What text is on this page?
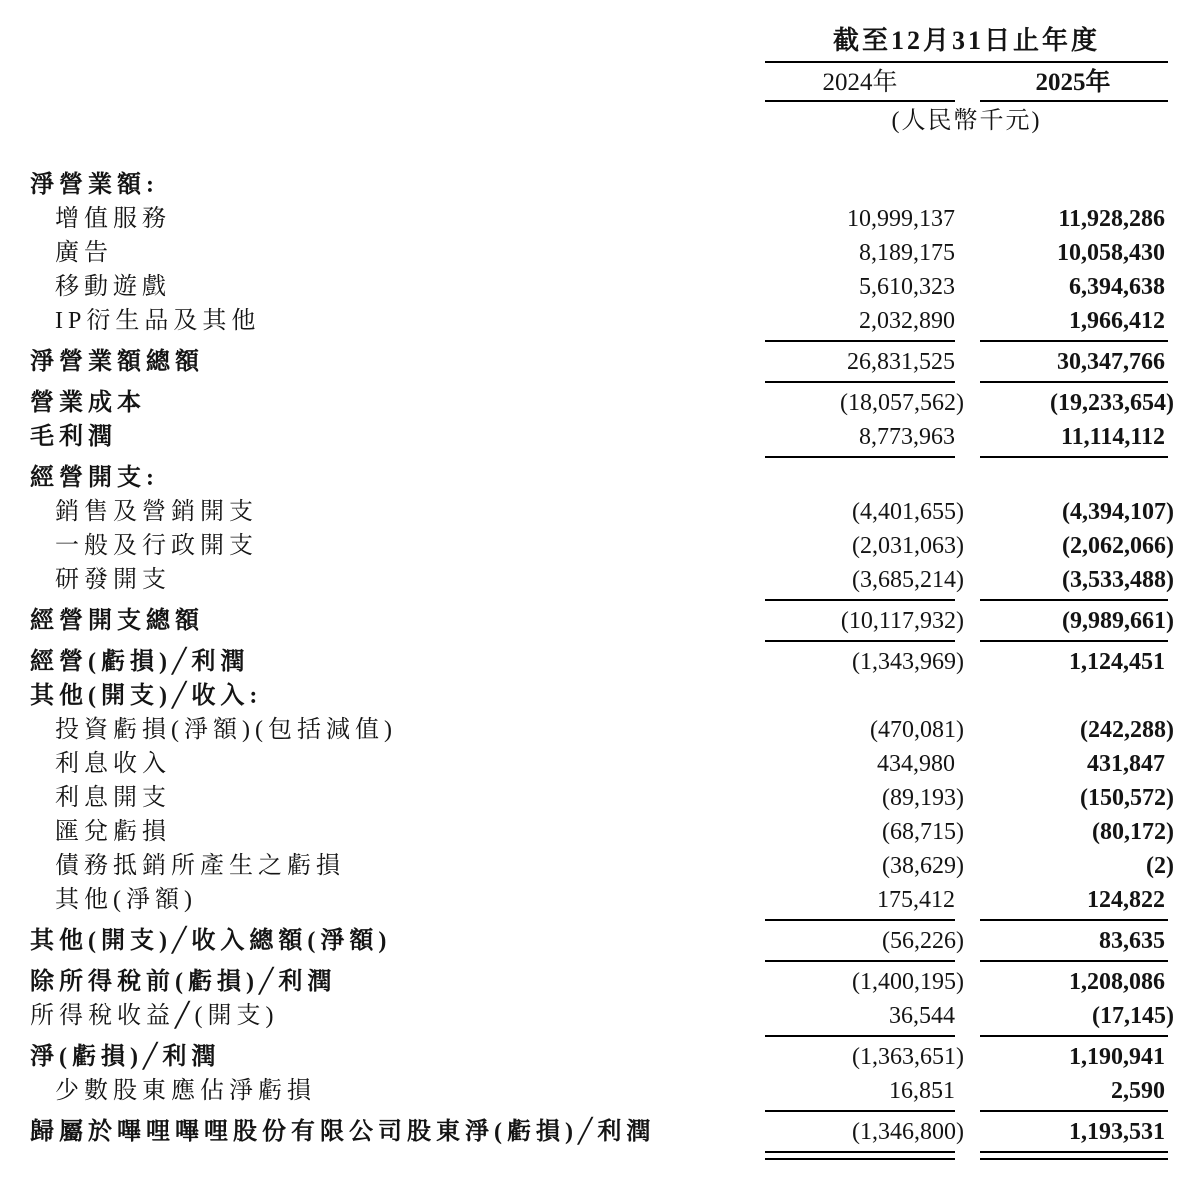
截至12月31日止年度
2024年	2025年
(人民幣千元)
淨營業額:
增值服務	10,999,137	11,928,286
廣告	8,189,175	10,058,430
移動遊戲	5,610,323	6,394,638
IP衍生品及其他	2,032,890	1,966,412
淨營業額總額	26,831,525	30,347,766
營業成本	(18,057,562)	(19,233,654)
毛利潤	8,773,963	11,114,112
經營開支:
銷售及營銷開支	(4,401,655)	(4,394,107)
一般及行政開支	(2,031,063)	(2,062,066)
研發開支	(3,685,214)	(3,533,488)
經營開支總額	(10,117,932)	(9,989,661)
經營(虧損)╱利潤	(1,343,969)	1,124,451
其他(開支)╱收入:
投資虧損(淨額)(包括減值)	(470,081)	(242,288)
利息收入	434,980	431,847
利息開支	(89,193)	(150,572)
匯兌虧損	(68,715)	(80,172)
債務抵銷所產生之虧損	(38,629)	(2)
其他(淨額)	175,412	124,822
其他(開支)╱收入總額(淨額)	(56,226)	83,635
除所得稅前(虧損)╱利潤	(1,400,195)	1,208,086
所得稅收益╱(開支)	36,544	(17,145)
淨(虧損)╱利潤	(1,363,651)	1,190,941
少數股東應佔淨虧損	16,851	2,590
歸屬於嗶哩嗶哩股份有限公司股東淨(虧損)╱利潤	(1,346,800)	1,193,531
